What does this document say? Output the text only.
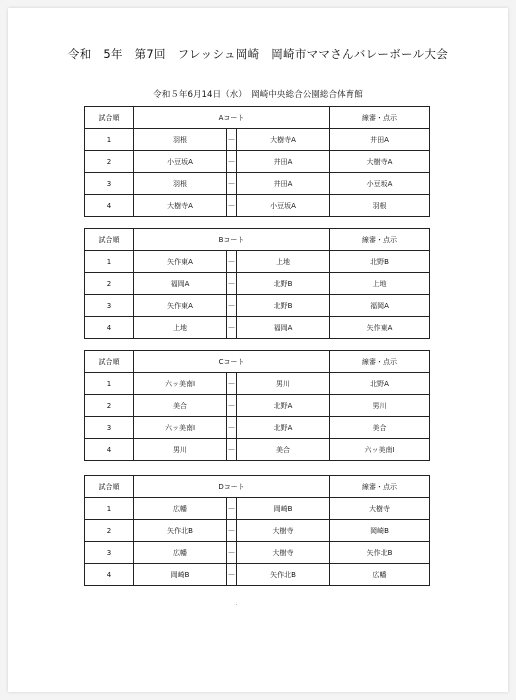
令和　5年　第7回　フレッシュ岡崎　岡崎市ママさんバレーボール大会
令和５年6月14日（水）　岡崎中央総合公園総合体育館
試合順	Aコート			線審・点示
1	羽根	－	大樹寺A	井田A
2	小豆坂A	－	井田A	大樹寺A
3	羽根	－	井田A	小豆坂A
4	大樹寺A	－	小豆坂A	羽根
試合順	Bコート			線審・点示
1	矢作東A	－	上地	北野B
2	福岡A	－	北野B	上地
3	矢作東A	－	北野B	福岡A
4	上地	－	福岡A	矢作東A
試合順	Cコート			線審・点示
1	六ッ美南Ⅰ	－	男川	北野A
2	美合	－	北野A	男川
3	六ッ美南Ⅰ	－	北野A	美合
4	男川	－	美合	六ッ美南Ⅰ
試合順	Dコート			線審・点示
1	広幡	－	岡崎B	大樹寺
2	矢作北B	－	大樹寺	岡崎B
3	広幡	－	大樹寺	矢作北B
4	岡崎B	－	矢作北B	広幡
